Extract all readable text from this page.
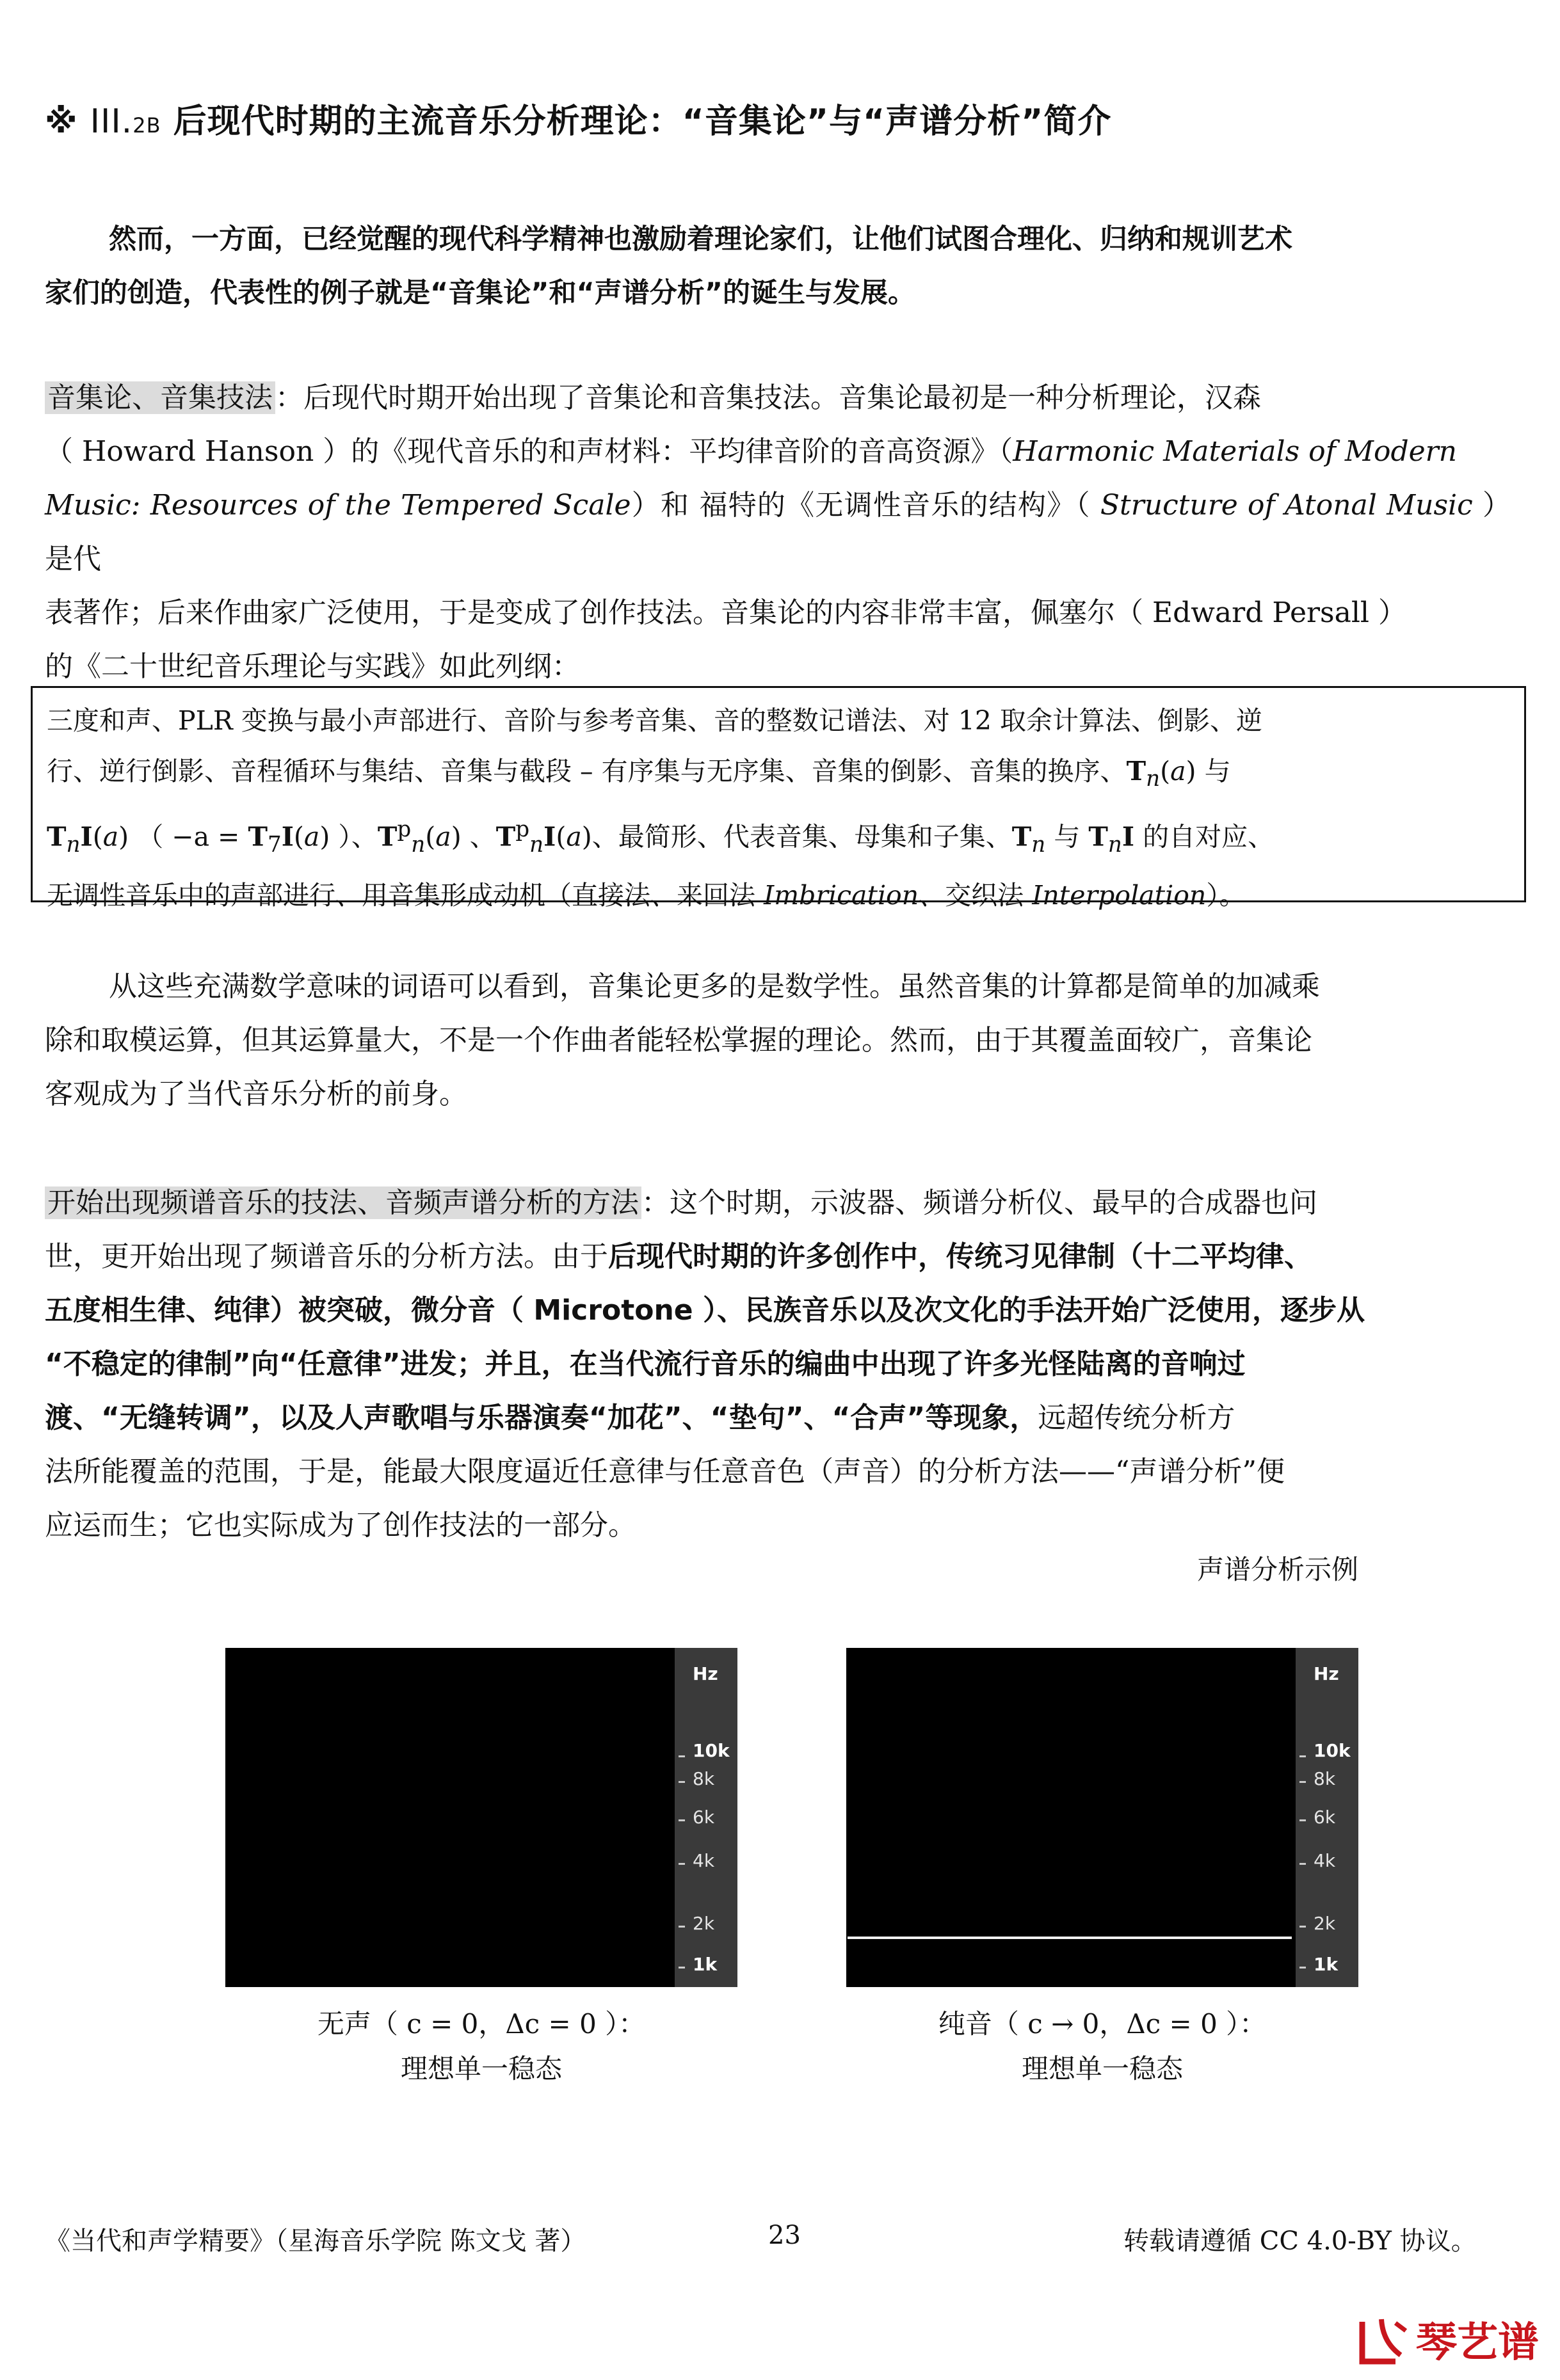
※ III.2B 后现代时期的主流音乐分析理论：“音集论”与“声谱分析”简介
然而，一方面，已经觉醒的现代科学精神也激励着理论家们，让他们试图合理化、归纳和规训艺术
家们的创造，代表性的例子就是“音集论”和“声谱分析”的诞生与发展。
音集论、音集技法：后现代时期开始出现了音集论和音集技法。音集论最初是一种分析理论，汉森
（ Howard Hanson ）的《现代音乐的和声材料：平均律音阶的音高资源》（Harmonic Materials of Modern
Music: Resources of the Tempered Scale）和 福特的《无调性音乐的结构》（ Structure of Atonal Music ）是代
表著作；后来作曲家广泛使用，于是变成了创作技法。音集论的内容非常丰富，佩塞尔（ Edward Persall ）
的《二十世纪音乐理论与实践》如此列纲：
三度和声、PLR 变换与最小声部进行、音阶与参考音集、音的整数记谱法、对 12 取余计算法、倒影、逆
行、逆行倒影、音程循环与集结、音集与截段 – 有序集与无序集、音集的倒影、音集的换序、$T_n(a)$ 与
$T_nI(a)$ （ $-a = T_7I(a)$ ）、$T^p_n(a)$ 、$T^p_nI(a)$、最简形、代表音集、母集和子集、$T_n$ 与 $T_nI$ 的自对应、
无调性音乐中的声部进行、用音集形成动机（直接法、来回法 Imbrication、交织法 Interpolation）。
从这些充满数学意味的词语可以看到，音集论更多的是数学性。虽然音集的计算都是简单的加减乘
除和取模运算，但其运算量大，不是一个作曲者能轻松掌握的理论。然而，由于其覆盖面较广，音集论
客观成为了当代音乐分析的前身。
开始出现频谱音乐的技法、音频声谱分析的方法：这个时期，示波器、频谱分析仪、最早的合成器也问
世，更开始出现了频谱音乐的分析方法。由于后现代时期的许多创作中，传统习见律制（十二平均律、
五度相生律、纯律）被突破，微分音（ Microtone ）、民族音乐以及次文化的手法开始广泛使用，逐步从
“不稳定的律制”向“任意律”进发；并且，在当代流行音乐的编曲中出现了许多光怪陆离的音响过
渡、“无缝转调”，以及人声歌唱与乐器演奏“加花”、“垫句”、“合声”等现象，远超传统分析方
法所能覆盖的范围，于是，能最大限度逼近任意律与任意音色（声音）的分析方法——“声谱分析”便
应运而生；它也实际成为了创作技法的一部分。
声谱分析示例
Hz
10k
8k
6k
4k
2k
1k
Hz
10k
8k
6k
4k
2k
1k
无声（ c = 0，Δc = 0 ）：
理想单一稳态
纯音（ c → 0，Δc = 0 ）：
理想单一稳态
《当代和声学精要》（星海音乐学院 陈文戈 著）	23	转载请遵循 CC 4.0-BY 协议。
琴艺谱
